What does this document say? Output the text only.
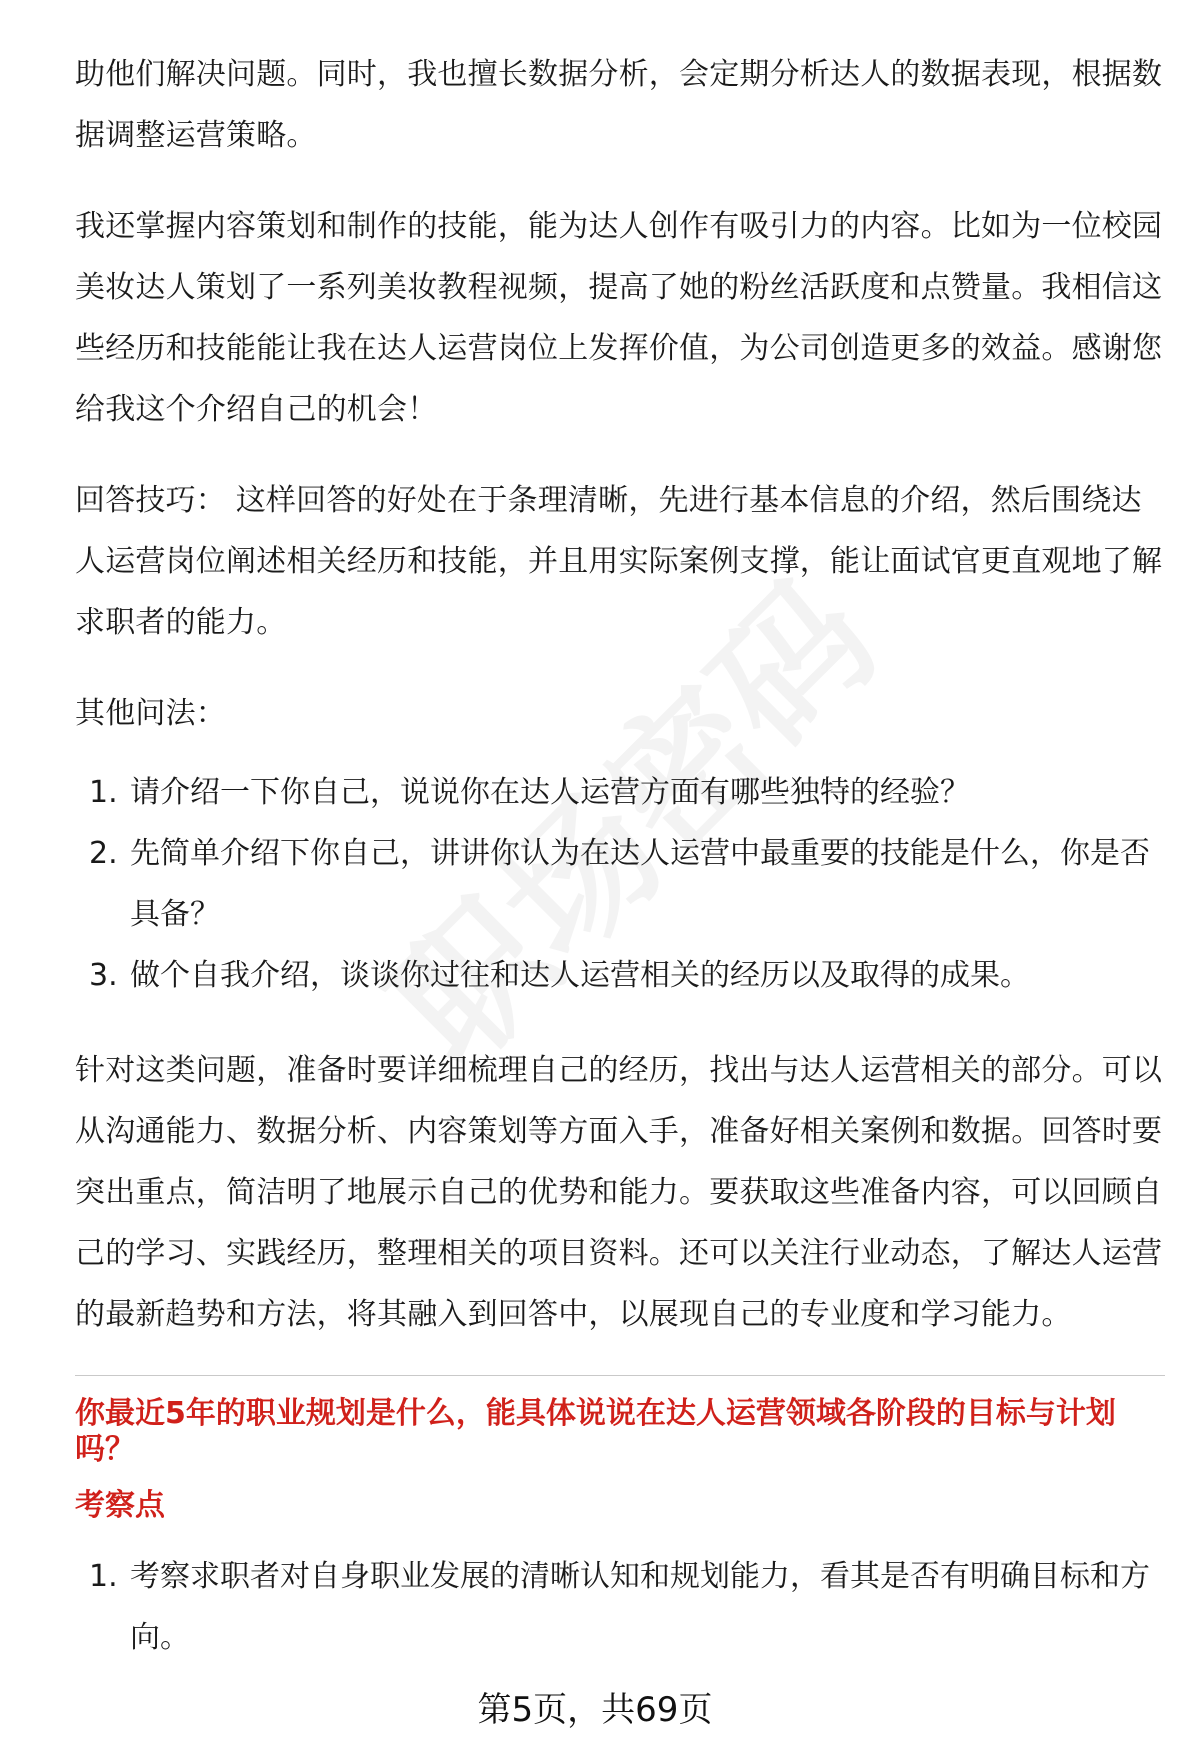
助他们解决问题。同时，我也擅长数据分析，会定期分析达人的数据表现，根据数据调整运营策略。

我还掌握内容策划和制作的技能，能为达人创作有吸引力的内容。比如为一位校园美妆达人策划了一系列美妆教程视频，提高了她的粉丝活跃度和点赞量。我相信这些经历和技能能让我在达人运营岗位上发挥价值，为公司创造更多的效益。感谢您给我这个介绍自己的机会！

回答技巧： 这样回答的好处在于条理清晰，先进行基本信息的介绍，然后围绕达人运营岗位阐述相关经历和技能，并且用实际案例支撑，能让面试官更直观地了解求职者的能力。

其他问法：

1. 请介绍一下你自己，说说你在达人运营方面有哪些独特的经验？
2. 先简单介绍下你自己，讲讲你认为在达人运营中最重要的技能是什么，你是否具备？
3. 做个自我介绍，谈谈你过往和达人运营相关的经历以及取得的成果。

针对这类问题，准备时要详细梳理自己的经历，找出与达人运营相关的部分。可以从沟通能力、数据分析、内容策划等方面入手，准备好相关案例和数据。回答时要突出重点，简洁明了地展示自己的优势和能力。要获取这些准备内容，可以回顾自己的学习、实践经历，整理相关的项目资料。还可以关注行业动态，了解达人运营的最新趋势和方法，将其融入到回答中，以展现自己的专业度和学习能力。

你最近5年的职业规划是什么，能具体说说在达人运营领域各阶段的目标与计划吗？
考察点
1. 考察求职者对自身职业发展的清晰认知和规划能力，看其是否有明确目标和方向。
第5页，共69页
